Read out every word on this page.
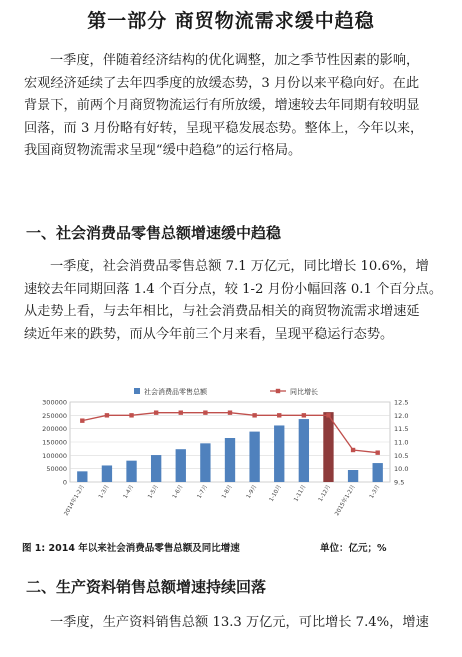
第一部分 商贸物流需求缓中趋稳
一季度，伴随着经济结构的优化调整，加之季节性因素的影响，
宏观经济延续了去年四季度的放缓态势，3 月份以来平稳向好。在此
背景下，前两个月商贸物流运行有所放缓，增速较去年同期有较明显
回落，而 3 月份略有好转，呈现平稳发展态势。整体上，今年以来，
我国商贸物流需求呈现“缓中趋稳”的运行格局。
一、社会消费品零售总额增速缓中趋稳
一季度，社会消费品零售总额 7.1 万亿元，同比增长 10.6%，增
速较去年同期回落 1.4 个百分点，较 1-2 月份小幅回落 0.1 个百分点。
从走势上看，与去年相比，与社会消费品相关的商贸物流需求增速延
续近年来的跌势，而从今年前三个月来看，呈现平稳运行态势。
0
50000
100000
150000
200000
250000
300000
9.5
10.0
10.5
11.0
11.5
12.0
12.5
2014年1-2月	1-3月	1-4月	1-5月	1-6月	1-7月	1-8月	1-9月	1-10月	1-11月	1-12月 2015年1-2月	1-3月
社会消费品零售总额	同比增长
图 1: 2014 年以来社会消费品零售总额及同比增速	单位：亿元；%
二、生产资料销售总额增速持续回落
一季度，生产资料销售总额 13.3 万亿元，可比增长 7.4%，增速
